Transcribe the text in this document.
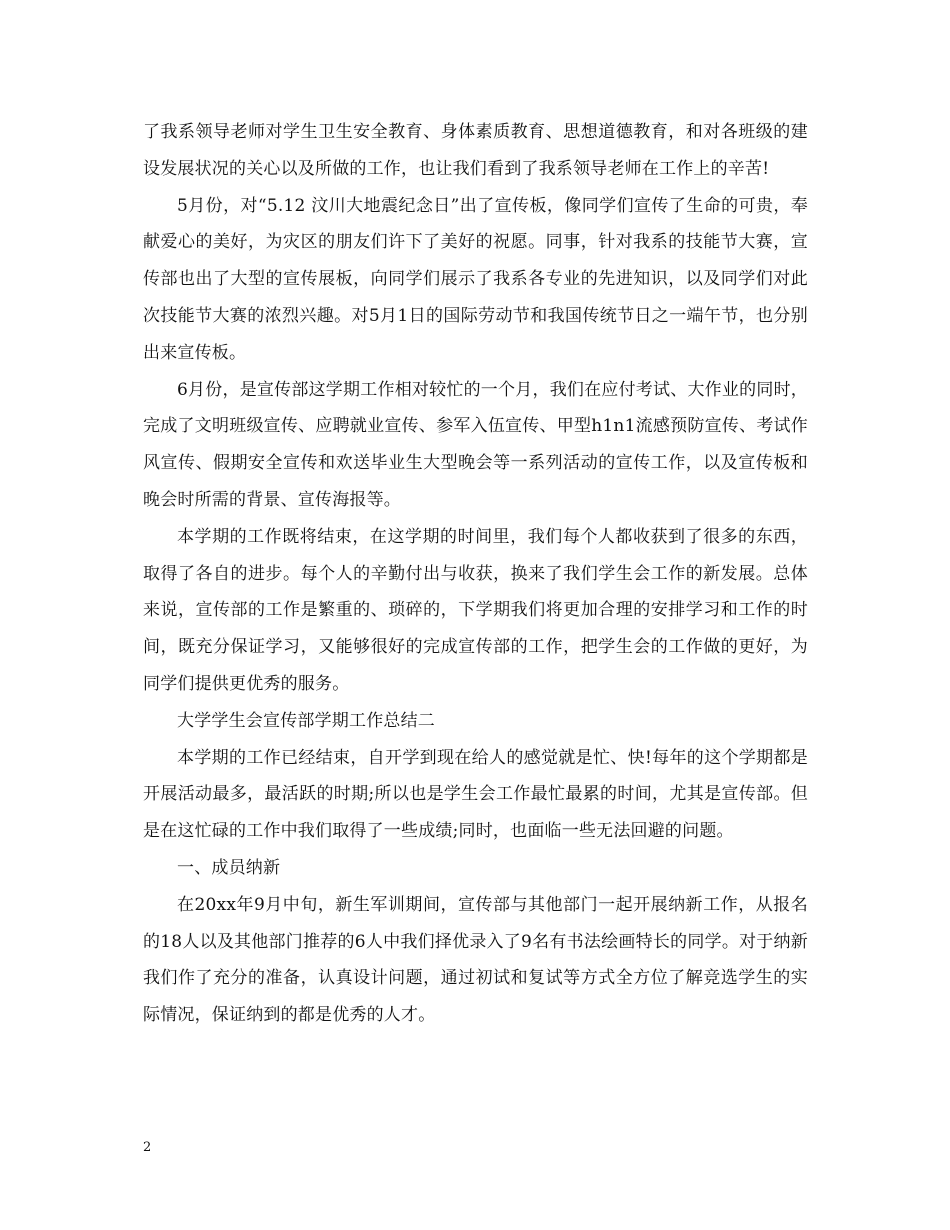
了我系领导老师对学生卫生安全教育、身体素质教育、思想道德教育，和对各班级的建设发展状况的关心以及所做的工作，也让我们看到了我系领导老师在工作上的辛苦!

5月份，对“5.12 汶川大地震纪念日”出了宣传板，像同学们宣传了生命的可贵，奉献爱心的美好，为灾区的朋友们许下了美好的祝愿。同事，针对我系的技能节大赛，宣传部也出了大型的宣传展板，向同学们展示了我系各专业的先进知识，以及同学们对此次技能节大赛的浓烈兴趣。对5月1日的国际劳动节和我国传统节日之一端午节，也分别出来宣传板。

6月份，是宣传部这学期工作相对较忙的一个月，我们在应付考试、大作业的同时，完成了文明班级宣传、应聘就业宣传、参军入伍宣传、甲型h1n1流感预防宣传、考试作风宣传、假期安全宣传和欢送毕业生大型晚会等一系列活动的宣传工作，以及宣传板和晚会时所需的背景、宣传海报等。

本学期的工作既将结束，在这学期的时间里，我们每个人都收获到了很多的东西，取得了各自的进步。每个人的辛勤付出与收获，换来了我们学生会工作的新发展。总体来说，宣传部的工作是繁重的、琐碎的，下学期我们将更加合理的安排学习和工作的时间，既充分保证学习，又能够很好的完成宣传部的工作，把学生会的工作做的更好，为同学们提供更优秀的服务。

大学学生会宣传部学期工作总结二

本学期的工作已经结束，自开学到现在给人的感觉就是忙、快!每年的这个学期都是开展活动最多，最活跃的时期;所以也是学生会工作最忙最累的时间，尤其是宣传部。但是在这忙碌的工作中我们取得了一些成绩;同时，也面临一些无法回避的问题。

一、成员纳新

在20xx年9月中旬，新生军训期间，宣传部与其他部门一起开展纳新工作，从报名的18人以及其他部门推荐的6人中我们择优录入了9名有书法绘画特长的同学。对于纳新我们作了充分的准备，认真设计问题，通过初试和复试等方式全方位了解竞选学生的实际情况，保证纳到的都是优秀的人才。

2
